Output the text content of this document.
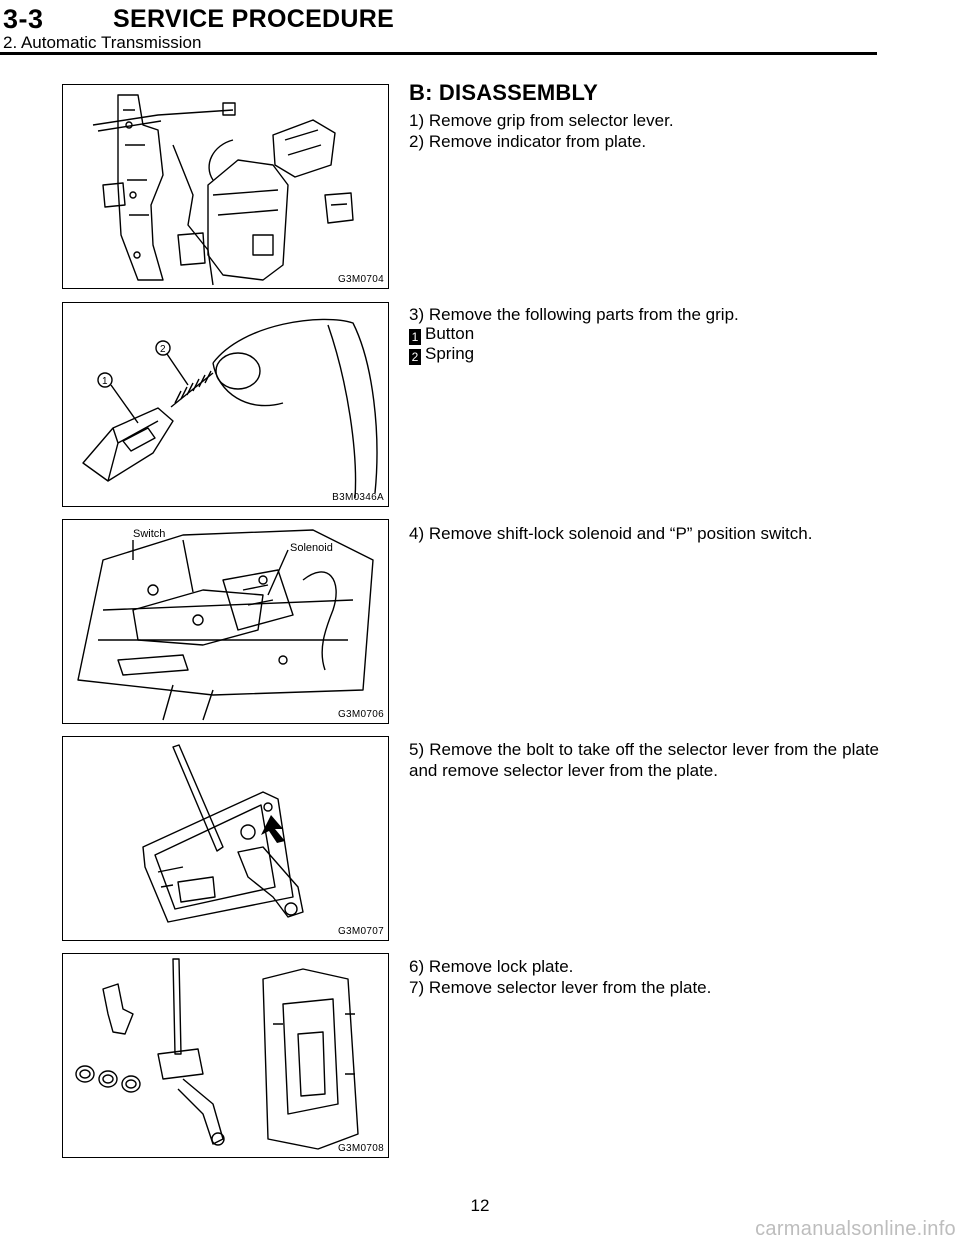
3-3	SERVICE PROCEDURE
2. Automatic Transmission
G3M0704
1
2
B3M0346A
Switch
Solenoid
G3M0706
G3M0707
G3M0708
B: DISASSEMBLY
1) Remove grip from selector lever.
2) Remove indicator from plate.
3) Remove the following parts from the grip.
1 Button
2 Spring
4) Remove shift-lock solenoid and “P” position switch.
5) Remove the bolt to take off the selector lever from the plate and remove selector lever from the plate.
6) Remove lock plate.
7) Remove selector lever from the plate.
12
carmanualsonline.info
